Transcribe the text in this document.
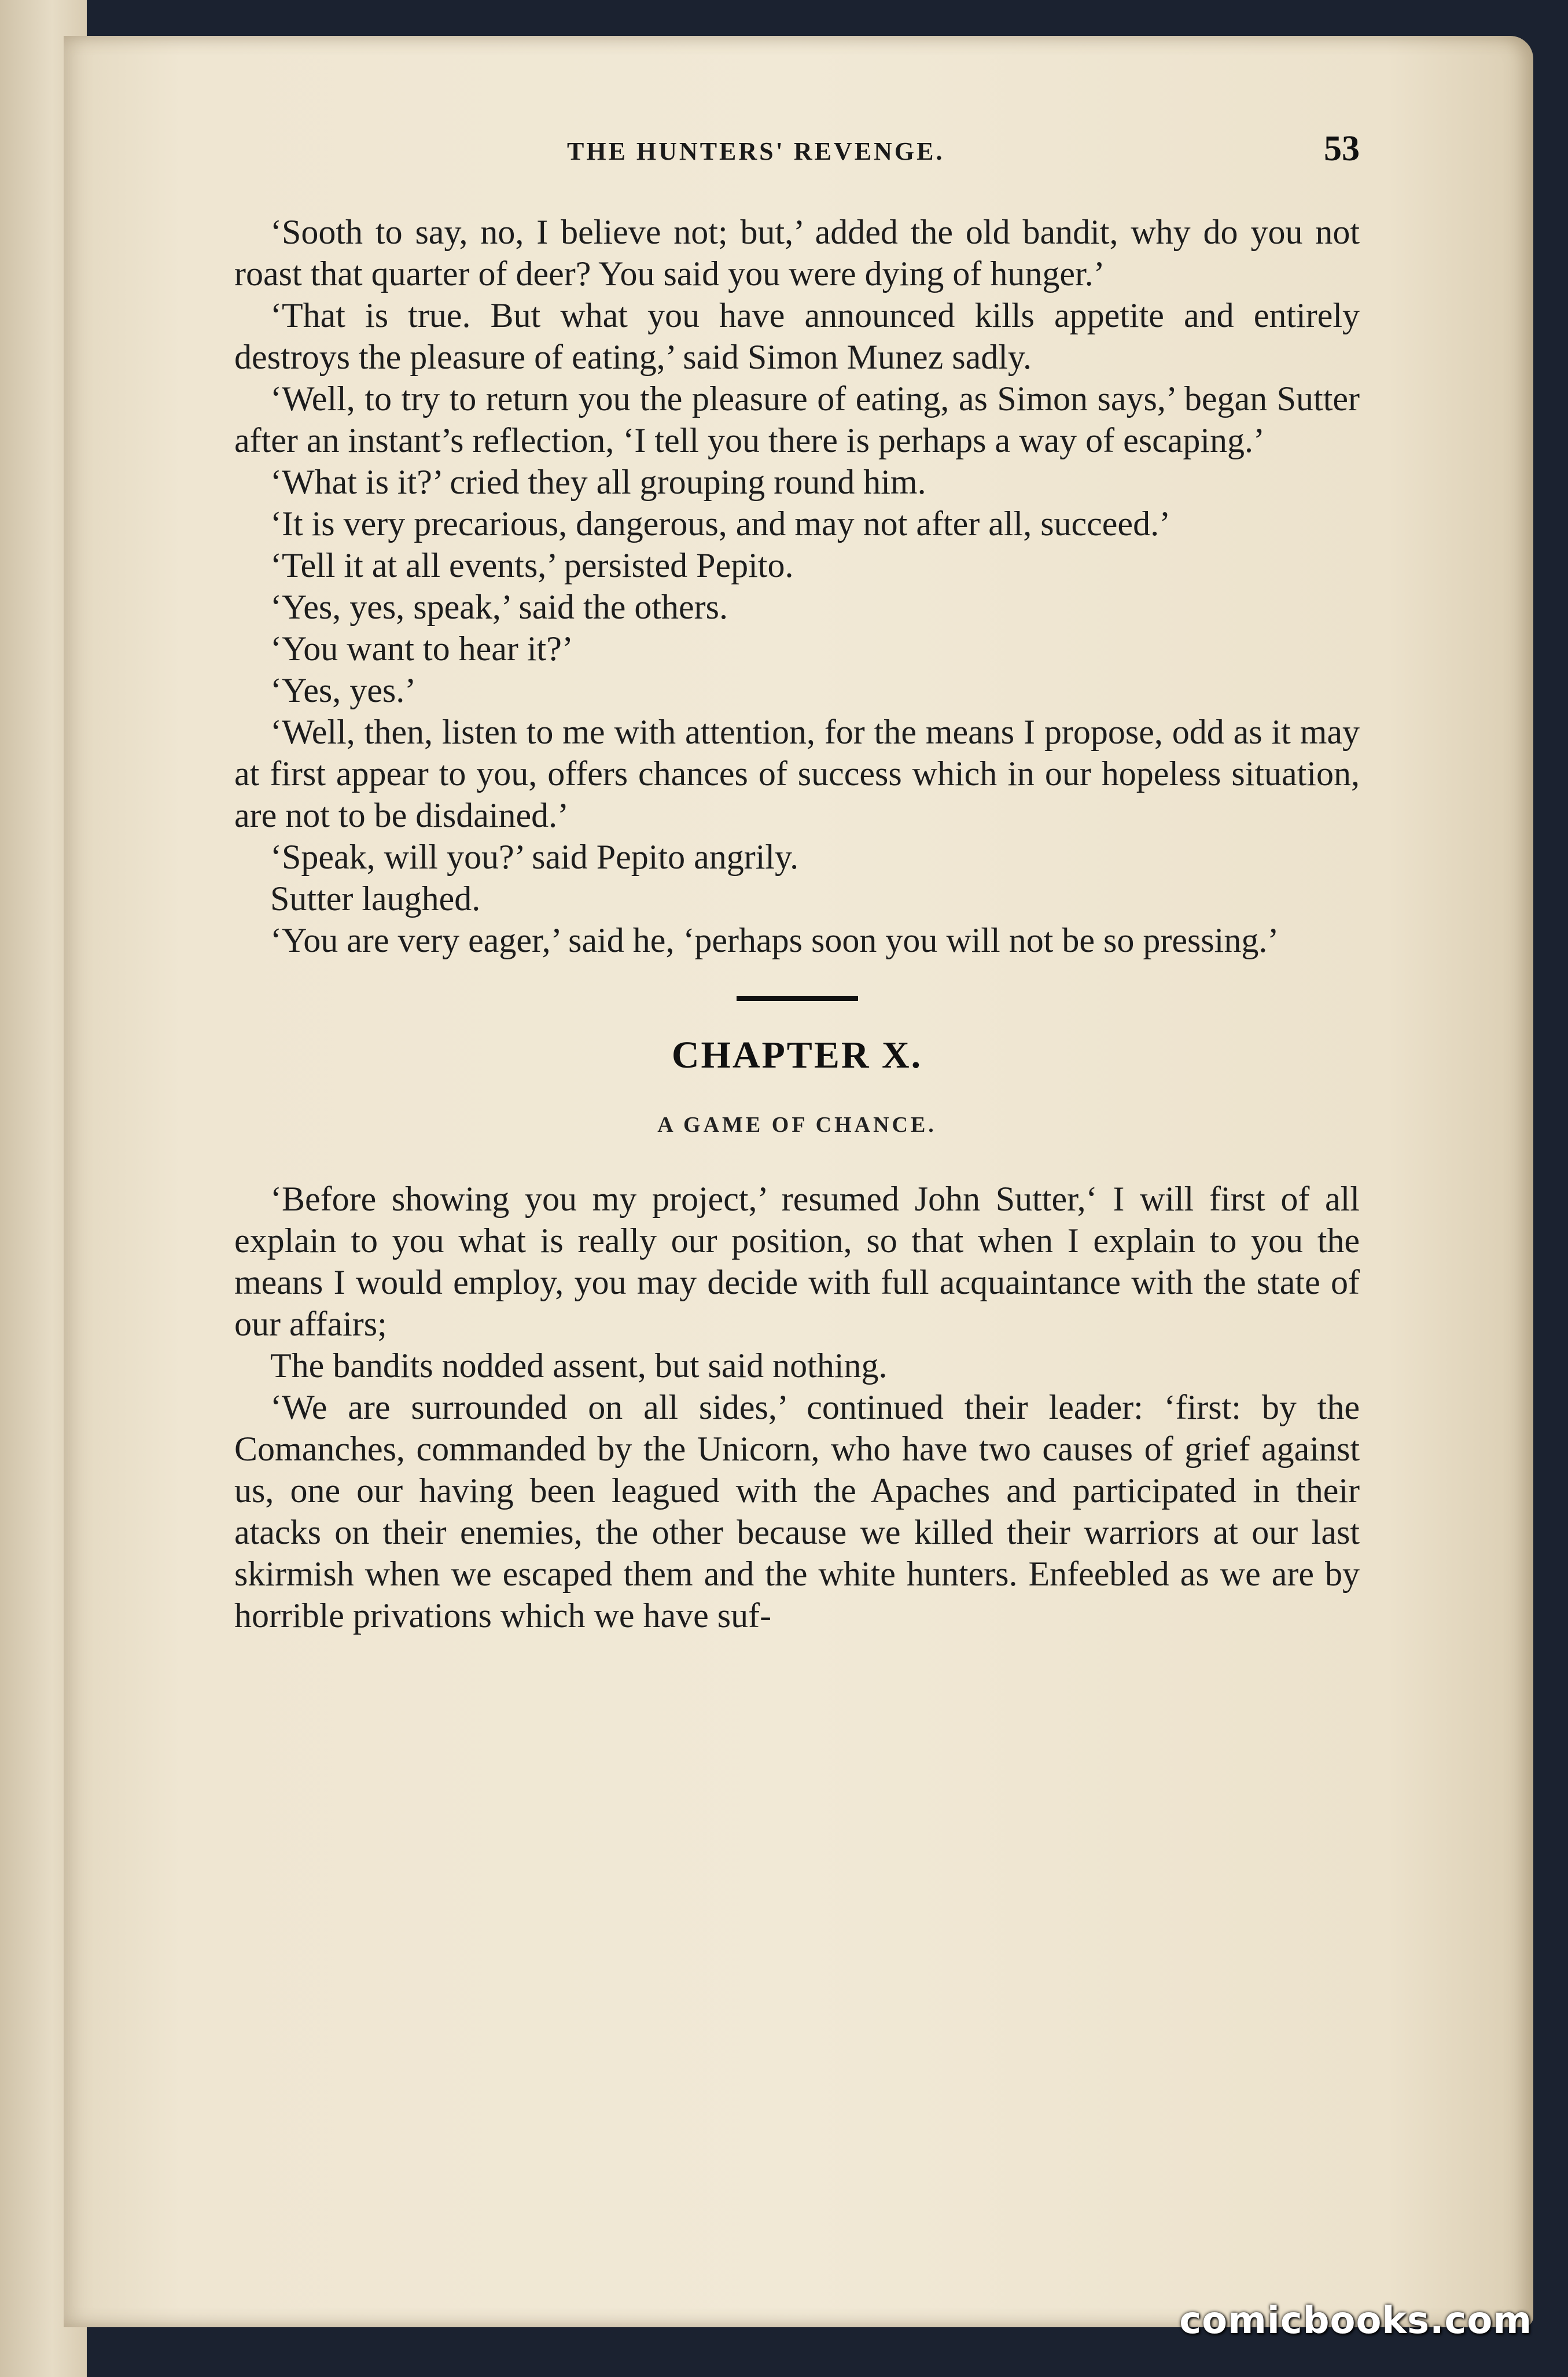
THE HUNTERS' REVENGE.	53

‘Sooth to say, no, I believe not; but,’ added the old bandit, why do you not roast that quarter of deer? You said you were dying of hunger.’

‘That is true. But what you have announced kills appetite and entirely destroys the pleasure of eating,’ said Simon Munez sadly.

‘Well, to try to return you the pleasure of eating, as Simon says,’ began Sutter after an instant’s reflection, ‘I tell you there is perhaps a way of escaping.’

‘What is it?’ cried they all grouping round him.

‘It is very precarious, dangerous, and may not after all, succeed.’

‘Tell it at all events,’ persisted Pepito.

‘Yes, yes, speak,’ said the others.

‘You want to hear it?’

‘Yes, yes.’

‘Well, then, listen to me with attention, for the means I propose, odd as it may at first appear to you, offers chances of success which in our hopeless situation, are not to be disdained.’

‘Speak, will you?’ said Pepito angrily.

Sutter laughed.

‘You are very eager,’ said he, ‘perhaps soon you will not be so pressing.’

CHAPTER X.
A GAME OF CHANCE.

‘Before showing you my project,’ resumed John Sutter,‘ I will first of all explain to you what is really our position, so that when I explain to you the means I would employ, you may decide with full acquaintance with the state of our affairs;

The bandits nodded assent, but said nothing.

‘We are surrounded on all sides,’ continued their leader: ‘first: by the Comanches, commanded by the Unicorn, who have two causes of grief against us, one our having been leagued with the Apaches and participated in their atacks on their enemies, the other because we killed their warriors at our last skirmish when we escaped them and the white hunters. Enfeebled as we are by horrible privations which we have suf-

comicbooks.com
